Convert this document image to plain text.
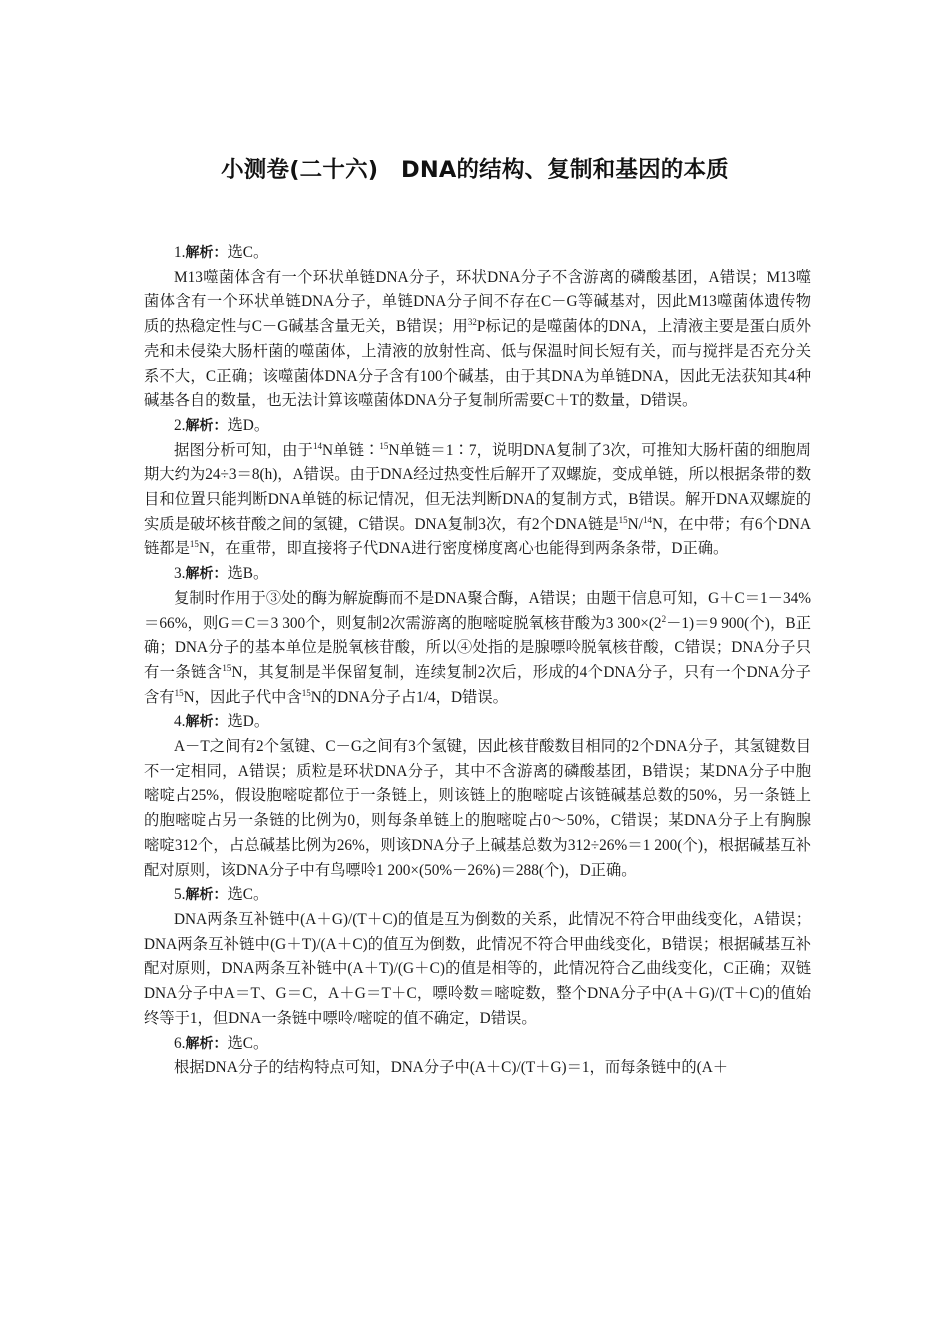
小测卷(二十六)　DNA的结构、复制和基因的本质

1.解析：选C。

M13噬菌体含有一个环状单链DNA分子，环状DNA分子不含游离的磷酸基团，A错误；M13噬菌体含有一个环状单链DNA分子，单链DNA分子间不存在C－G等碱基对，因此M13噬菌体遗传物质的热稳定性与C－G碱基含量无关，B错误；用$^{32}$P标记的是噬菌体的DNA，上清液主要是蛋白质外壳和未侵染大肠杆菌的噬菌体，上清液的放射性高、低与保温时间长短有关，而与搅拌是否充分关系不大，C正确；该噬菌体DNA分子含有100个碱基，由于其DNA为单链DNA，因此无法获知其4种碱基各自的数量，也无法计算该噬菌体DNA分子复制所需要C＋T的数量，D错误。

2.解析：选D。

据图分析可知，由于$^{14}$N单链∶$^{15}$N单链＝1∶7，说明DNA复制了3次，可推知大肠杆菌的细胞周期大约为24÷3＝8(h)，A错误。由于DNA经过热变性后解开了双螺旋，变成单链，所以根据条带的数目和位置只能判断DNA单链的标记情况，但无法判断DNA的复制方式，B错误。解开DNA双螺旋的实质是破坏核苷酸之间的氢键，C错误。DNA复制3次，有2个DNA链是$^{15}$N/$^{14}$N，在中带；有6个DNA链都是$^{15}$N，在重带，即直接将子代DNA进行密度梯度离心也能得到两条条带，D正确。

3.解析：选B。

复制时作用于③处的酶为解旋酶而不是DNA聚合酶，A错误；由题干信息可知，G＋C＝1－34%＝66%，则G＝C＝3 300个，则复制2次需游离的胞嘧啶脱氧核苷酸为3 $300\times(2^2-1)=9$ 900(个)，B正确；DNA分子的基本单位是脱氧核苷酸，所以④处指的是腺嘌呤脱氧核苷酸，C错误；DNA分子只有一条链含$^{15}$N，其复制是半保留复制，连续复制2次后，形成的4个DNA分子，只有一个DNA分子含有$^{15}$N，因此子代中含$^{15}$N的DNA分子占1/4，D错误。

4.解析：选D。

A－T之间有2个氢键、C－G之间有3个氢键，因此核苷酸数目相同的2个DNA分子，其氢键数目不一定相同，A错误；质粒是环状DNA分子，其中不含游离的磷酸基团，B错误；某DNA分子中胞嘧啶占25%，假设胞嘧啶都位于一条链上，则该链上的胞嘧啶占该链碱基总数的50%，另一条链上的胞嘧啶占另一条链的比例为0，则每条单链上的胞嘧啶占0～50%，C错误；某DNA分子上有胸腺嘧啶312个，占总碱基比例为26%，则该DNA分子上碱基总数为312÷26%＝1 200(个)，根据碱基互补配对原则，该DNA分子中有鸟嘌呤1 200×(50%－26%)＝288(个)，D正确。

5.解析：选C。

DNA两条互补链中(A＋G)/(T＋C)的值是互为倒数的关系，此情况不符合甲曲线变化，A错误；DNA两条互补链中(G＋T)/(A＋C)的值互为倒数，此情况不符合甲曲线变化，B错误；根据碱基互补配对原则，DNA两条互补链中(A＋T)/(G＋C)的值是相等的，此情况符合乙曲线变化，C正确；双链DNA分子中A＝T、G＝C，A＋G＝T＋C，嘌呤数＝嘧啶数，整个DNA分子中(A＋G)/(T＋C)的值始终等于1，但DNA一条链中嘌呤/嘧啶的值不确定，D错误。

6.解析：选C。

根据DNA分子的结构特点可知，DNA分子中(A＋C)/(T＋G)＝1，而每条链中的(A＋
